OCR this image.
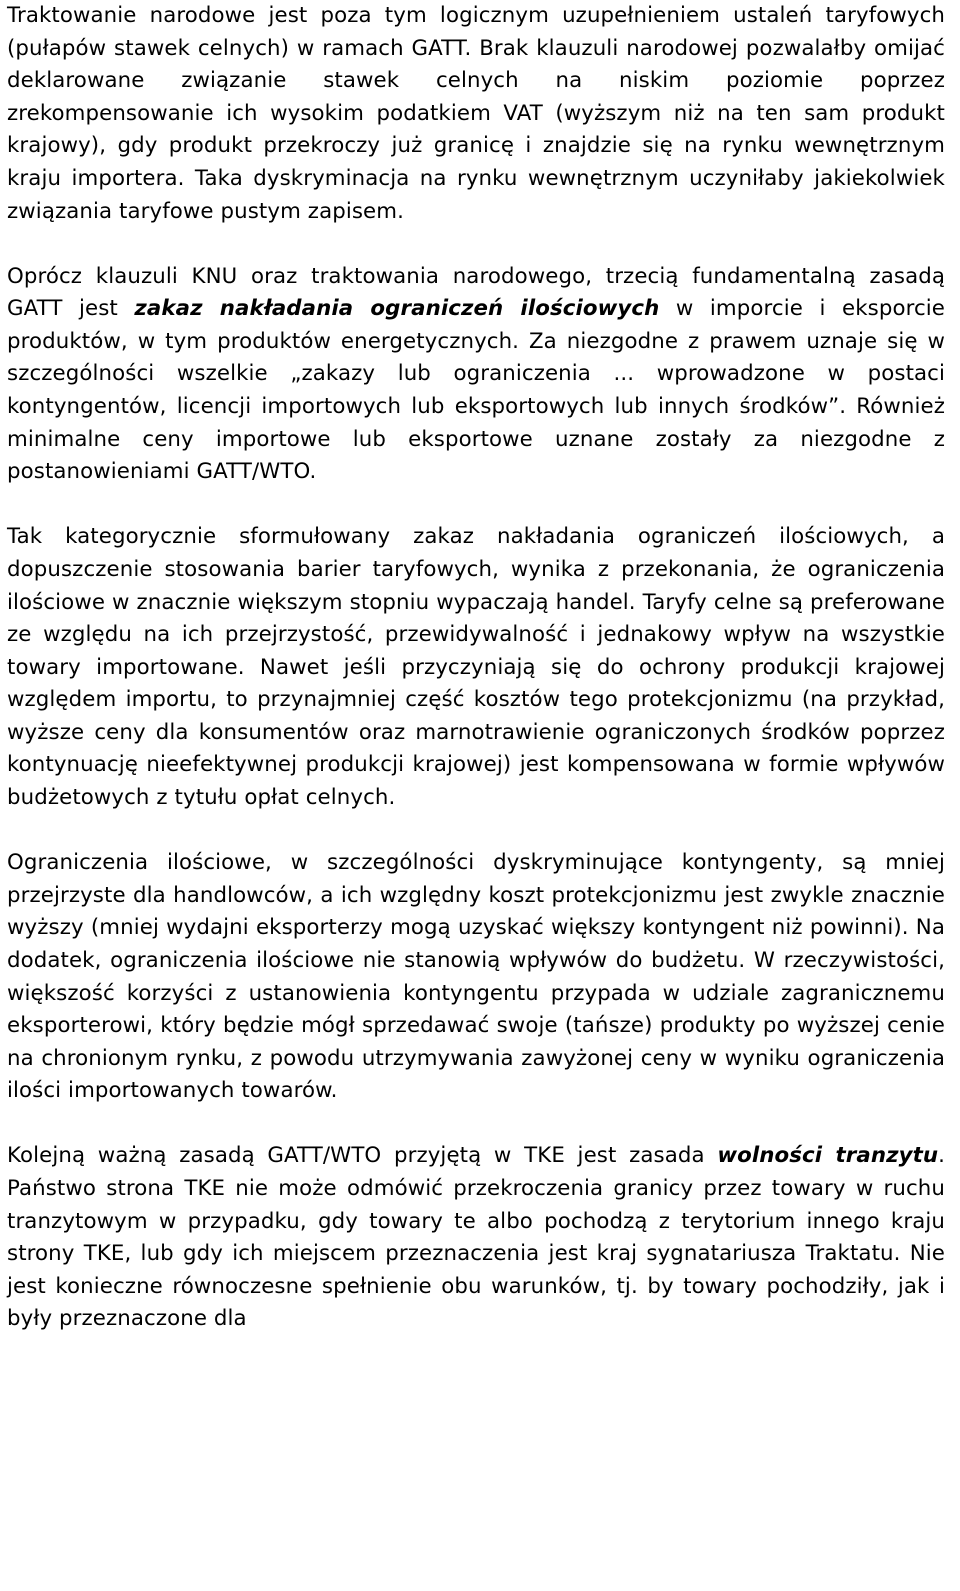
Traktowanie narodowe jest poza tym logicznym uzupełnieniem ustaleń taryfowych (pułapów stawek celnych) w ramach GATT. Brak klauzuli narodowej pozwalałby omijać deklarowane związanie stawek celnych na niskim poziomie poprzez zrekompensowanie ich wysokim podatkiem VAT (wyższym niż na ten sam produkt krajowy), gdy produkt przekroczy już granicę i znajdzie się na rynku wewnętrznym kraju importera. Taka dyskryminacja na rynku wewnętrznym uczyniłaby jakiekolwiek związania taryfowe pustym zapisem.

Oprócz klauzuli KNU oraz traktowania narodowego, trzecią fundamentalną zasadą GATT jest zakaz nakładania ograniczeń ilościowych w imporcie i eksporcie produktów, w tym produktów energetycznych. Za niezgodne z prawem uznaje się w szczególności wszelkie „zakazy lub ograniczenia ... wprowadzone w postaci kontyngentów, licencji importowych lub eksportowych lub innych środków”. Również minimalne ceny importowe lub eksportowe uznane zostały za niezgodne z postanowieniami GATT/WTO.

Tak kategorycznie sformułowany zakaz nakładania ograniczeń ilościowych, a dopuszczenie stosowania barier taryfowych, wynika z przekonania, że ograniczenia ilościowe w znacznie większym stopniu wypaczają handel. Taryfy celne są preferowane ze względu na ich przejrzystość, przewidywalność i jednakowy wpływ na wszystkie towary importowane. Nawet jeśli przyczyniają się do ochrony produkcji krajowej względem importu, to przynajmniej część kosztów tego protekcjonizmu (na przykład, wyższe ceny dla konsumentów oraz marnotrawienie ograniczonych środków poprzez kontynuację nieefektywnej produkcji krajowej) jest kompensowana w formie wpływów budżetowych z tytułu opłat celnych.

Ograniczenia ilościowe, w szczególności dyskryminujące kontyngenty, są mniej przejrzyste dla handlowców, a ich względny koszt protekcjonizmu jest zwykle znacznie wyższy (mniej wydajni eksporterzy mogą uzyskać większy kontyngent niż powinni). Na dodatek, ograniczenia ilościowe nie stanowią wpływów do budżetu. W rzeczywistości, większość korzyści z ustanowienia kontyngentu przypada w udziale zagranicznemu eksporterowi, który będzie mógł sprzedawać swoje (tańsze) produkty po wyższej cenie na chronionym rynku, z powodu utrzymywania zawyżonej ceny w wyniku ograniczenia ilości importowanych towarów.

Kolejną ważną zasadą GATT/WTO przyjętą w TKE jest zasada wolności tranzytu. Państwo strona TKE nie może odmówić przekroczenia granicy przez towary w ruchu tranzytowym w przypadku, gdy towary te albo pochodzą z terytorium innego kraju strony TKE, lub gdy ich miejscem przeznaczenia jest kraj sygnatariusza Traktatu. Nie jest konieczne równoczesne spełnienie obu warunków, tj. by towary pochodziły, jak i były przeznaczone dla
